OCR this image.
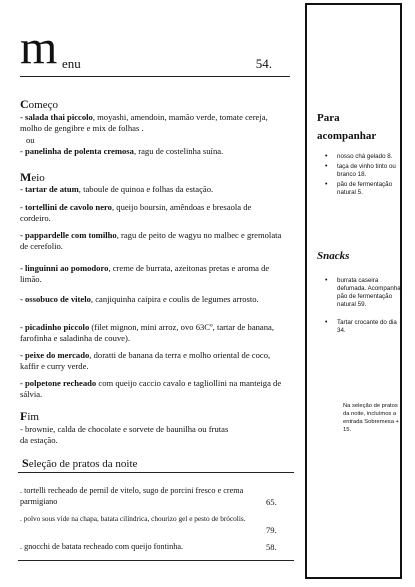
m enu	54.
Começo
- salada thai piccolo, moyashi, amendoin, mamão verde, tomate cereja, molho de gengibre e mix de folhas .
ou
- panelinha de polenta cremosa, ragu de costelinha suína.
Meio
- tartar de atum, taboule de quinoa e folhas da estação.
- tortellini de cavolo nero, queijo boursin, amêndoas e bresaola de cordeiro.
- pappardelle com tomilho, ragu de peito de wagyu no malbec e gremolata de cerefolio.
- linguinni ao pomodoro, creme de burrata, azeitonas pretas e aroma de limão.
- ossobuco de vitelo, canjiquinha caipira e coulis de legumes arrosto.
- picadinho piccolo (filet mignon, mini arroz, ovo 63Cº, tartar de banana, farofinha e saladinha de couve).
- peixe do mercado, doratti de banana da terra e molho oriental de coco, kaffir e curry verde.
- polpetone recheado com queijo caccio cavalo e tagliollini na manteiga de sálvia.
Fim
- brownie, calda de chocolate e sorvete de baunilha ou frutas da estação.
Seleção de pratos da noite
. tortelli recheado de pernil de vitelo, sugo de porcini fresco e crema parmigiano	65.
. polvo sous vide na chapa, batata cilíndrica, chourizo gel e pesto de brócolis.
79.
. gnocchi de batata recheado com queijo fontinha.	58.
Para acompanhar
• nosso chá gelado 8.
• taça de vinho tinto ou branco 18.
• pão de fermentação natural 5.
Snacks
• burrata caseira defumada. Acompanha pão de fermentação natural 59.
• Tartar crocante do dia 34.
Na seleção de pratos da noite, incluímos a entrada Sobremesa + 15.
